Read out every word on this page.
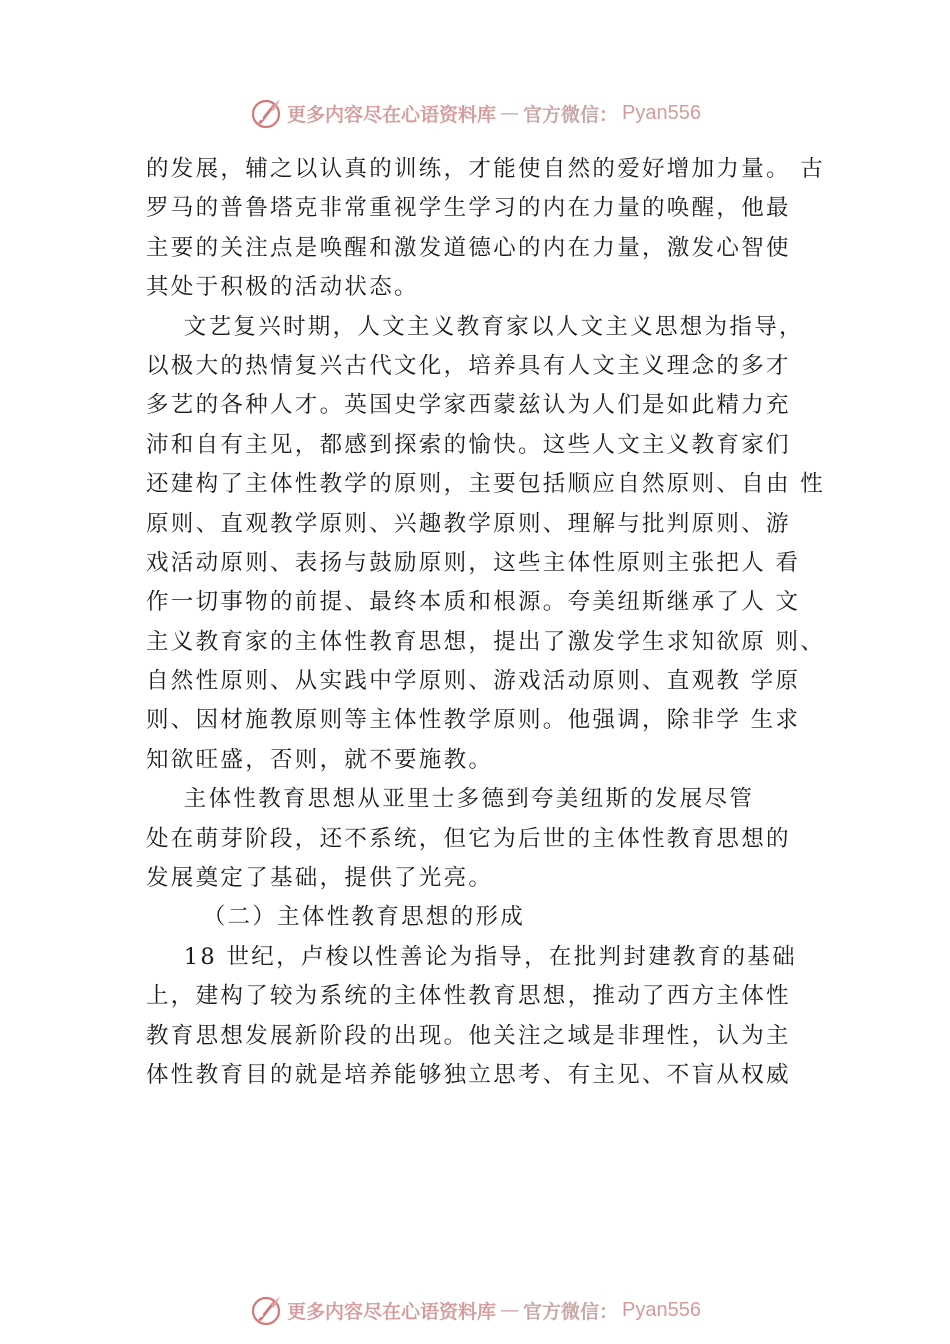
更多内容尽在心语资料库 — 官方微信： Pyan556
的发展，辅之以认真的训练，才能使自然的爱好增加力量。 古
罗马的普鲁塔克非常重视学生学习的内在力量的唤醒，他最
主要的关注点是唤醒和激发道德心的内在力量，激发心智使
其处于积极的活动状态。
文艺复兴时期，人文主义教育家以人文主义思想为指导，
以极大的热情复兴古代文化，培养具有人文主义理念的多才
多艺的各种人才。英国史学家西蒙兹认为人们是如此精力充
沛和自有主见，都感到探索的愉快。这些人文主义教育家们
还建构了主体性教学的原则，主要包括顺应自然原则、自由 性
原则、直观教学原则、兴趣教学原则、理解与批判原则、游
戏活动原则、表扬与鼓励原则，这些主体性原则主张把人 看
作一切事物的前提、最终本质和根源。夸美纽斯继承了人 文
主义教育家的主体性教育思想，提出了激发学生求知欲原 则、
自然性原则、从实践中学原则、游戏活动原则、直观教 学原
则、因材施教原则等主体性教学原则。他强调，除非学 生求
知欲旺盛，否则，就不要施教。
主体性教育思想从亚里士多德到夸美纽斯的发展尽管
处在萌芽阶段，还不系统，但它为后世的主体性教育思想的
发展奠定了基础，提供了光亮。
（二）主体性教育思想的形成
18 世纪，卢梭以性善论为指导，在批判封建教育的基础
上，建构了较为系统的主体性教育思想，推动了西方主体性
教育思想发展新阶段的出现。他关注之域是非理性，认为主
体性教育目的就是培养能够独立思考、有主见、不盲从权威
更多内容尽在心语资料库 — 官方微信： Pyan556
